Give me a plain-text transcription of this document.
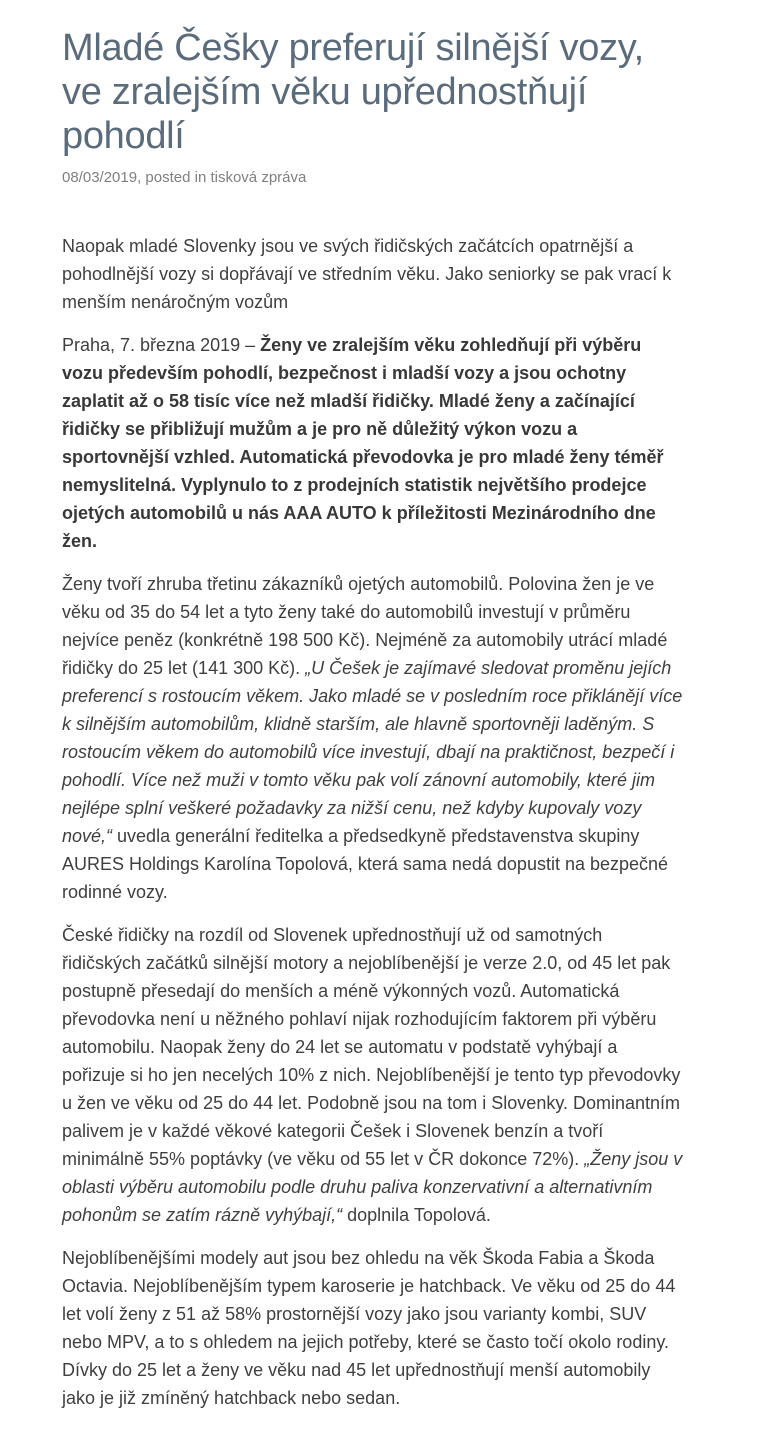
Mladé Češky preferují silnější vozy, ve zralejším věku upřednostňují pohodlí
08/03/2019, posted in tisková zpráva

Naopak mladé Slovenky jsou ve svých řidičských začátcích opatrnější a pohodlnější vozy si dopřávají ve středním věku. Jako seniorky se pak vrací k menším nenáročným vozům

Praha, 7. března 2019 – Ženy ve zralejším věku zohledňují při výběru vozu především pohodlí, bezpečnost i mladší vozy a jsou ochotny zaplatit až o 58 tisíc více než mladší řidičky. Mladé ženy a začínající řidičky se přibližují mužům a je pro ně důležitý výkon vozu a sportovnější vzhled. Automatická převodovka je pro mladé ženy téměř nemyslitelná. Vyplynulo to z prodejních statistik největšího prodejce ojetých automobilů u nás AAA AUTO k příležitosti Mezinárodního dne žen.

Ženy tvoří zhruba třetinu zákazníků ojetých automobilů. Polovina žen je ve věku od 35 do 54 let a tyto ženy také do automobilů investují v průměru nejvíce peněz (konkrétně 198 500 Kč). Nejméně za automobily utrácí mladé řidičky do 25 let (141 300 Kč). „U Češek je zajímavé sledovat proměnu jejích preferencí s rostoucím věkem. Jako mladé se v posledním roce přiklánějí více k silnějším automobilům, klidně starším, ale hlavně sportovněji laděným. S rostoucím věkem do automobilů více investují, dbají na praktičnost, bezpečí i pohodlí. Více než muži v tomto věku pak volí zánovní automobily, které jim nejlépe splní veškeré požadavky za nižší cenu, než kdyby kupovaly vozy nové,“ uvedla generální ředitelka a předsedkyně představenstva skupiny AURES Holdings Karolína Topolová, která sama nedá dopustit na bezpečné rodinné vozy.

České řidičky na rozdíl od Slovenek upřednostňují už od samotných řidičských začátků silnější motory a nejoblíbenější je verze 2.0, od 45 let pak postupně přesedají do menších a méně výkonných vozů. Automatická převodovka není u něžného pohlaví nijak rozhodujícím faktorem při výběru automobilu. Naopak ženy do 24 let se automatu v podstatě vyhýbají a pořizuje si ho jen necelých 10% z nich. Nejoblíbenější je tento typ převodovky u žen ve věku od 25 do 44 let. Podobně jsou na tom i Slovenky. Dominantním palivem je v každé věkové kategorii Češek i Slovenek benzín a tvoří minimálně 55% poptávky (ve věku od 55 let v ČR dokonce 72%). „Ženy jsou v oblasti výběru automobilu podle druhu paliva konzervativní a alternativním pohonům se zatím rázně vyhýbají,“ doplnila Topolová.

Nejoblíbenějšími modely aut jsou bez ohledu na věk Škoda Fabia a Škoda Octavia. Nejoblíbenějším typem karoserie je hatchback. Ve věku od 25 do 44 let volí ženy z 51 až 58% prostornější vozy jako jsou varianty kombi, SUV nebo MPV, a to s ohledem na jejich potřeby, které se často točí okolo rodiny. Dívky do 25 let a ženy ve věku nad 45 let upřednostňují menší automobily jako je již zmíněný hatchback nebo sedan.
